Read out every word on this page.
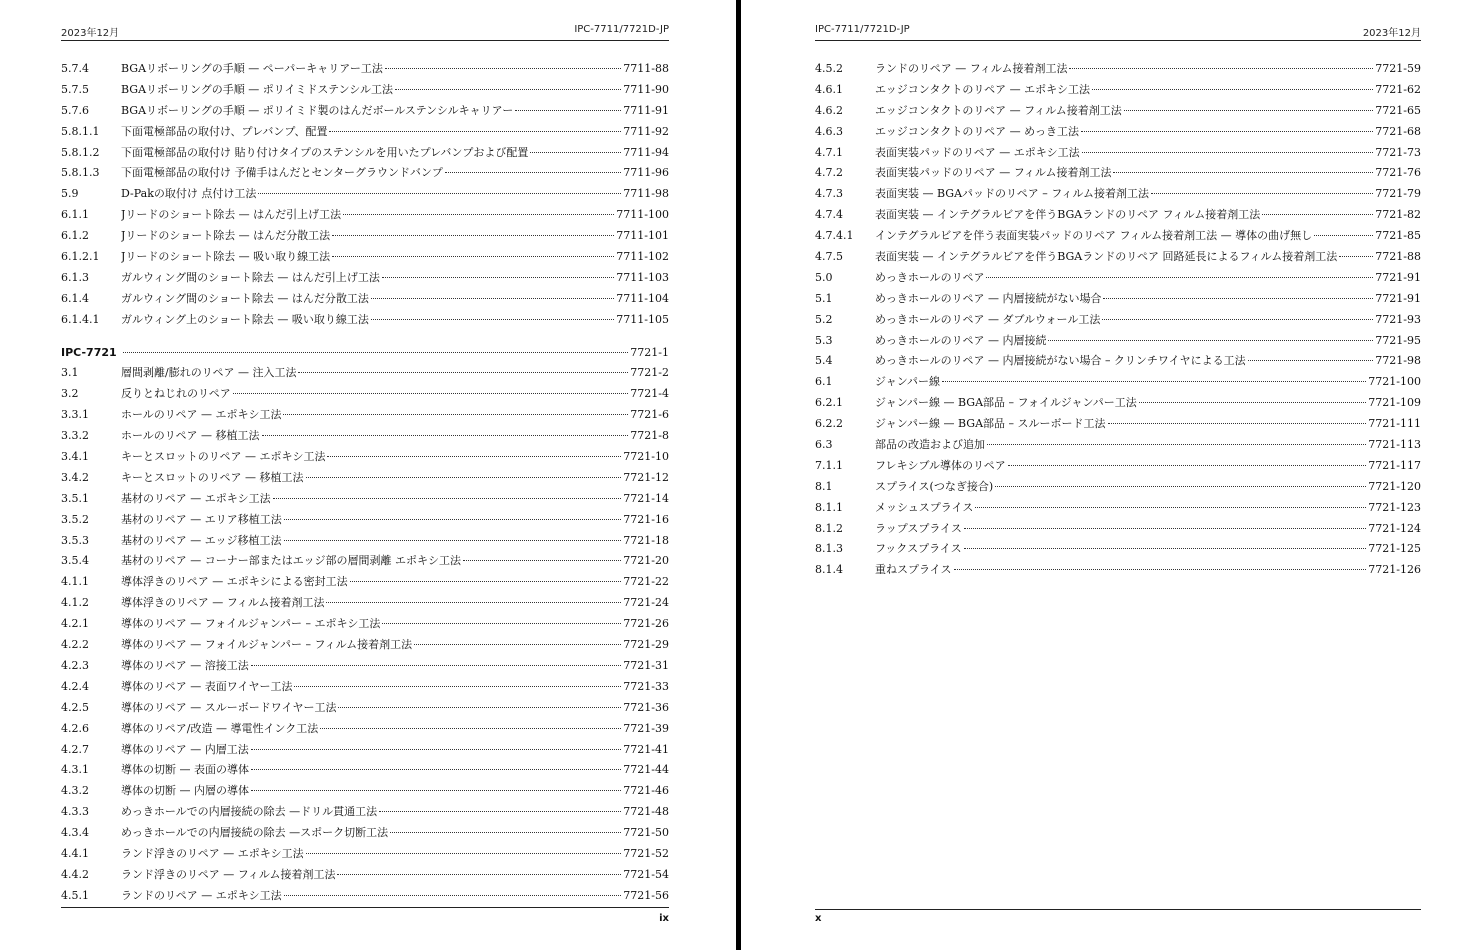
2023年12月	IPC-7711/7721D-JP
5.7.4	BGAリボーリングの手順 — ペーパーキャリアー工法	7711-88
5.7.5	BGAリボーリングの手順 — ポリイミドステンシル工法	7711-90
5.7.6	BGAリボーリングの手順 — ポリイミド製のはんだボールステンシルキャリアー	7711-91
5.8.1.1	下面電極部品の取付け、プレバンプ、配置	7711-92
5.8.1.2	下面電極部品の取付け 貼り付けタイプのステンシルを用いたプレバンプおよび配置	7711-94
5.8.1.3	下面電極部品の取付け 予備手はんだとセンターグラウンドバンプ	7711-96
5.9	D-Pakの取付け 点付け工法	7711-98
6.1.1	Jリードのショート除去 — はんだ引上げ工法	7711-100
6.1.2	Jリードのショート除去 — はんだ分散工法	7711-101
6.1.2.1	Jリードのショート除去 — 吸い取り線工法	7711-102
6.1.3	ガルウィング間のショート除去 — はんだ引上げ工法	7711-103
6.1.4	ガルウィング間のショート除去 — はんだ分散工法	7711-104
6.1.4.1	ガルウィング上のショート除去 — 吸い取り線工法	7711-105
IPC-7721	7721-1
3.1	層間剥離/膨れのリペア — 注入工法	7721-2
3.2	反りとねじれのリペア	7721-4
3.3.1	ホールのリペア — エポキシ工法	7721-6
3.3.2	ホールのリペア — 移植工法	7721-8
3.4.1	キーとスロットのリペア — エポキシ工法	7721-10
3.4.2	キーとスロットのリペア — 移植工法	7721-12
3.5.1	基材のリペア — エポキシ工法	7721-14
3.5.2	基材のリペア — エリア移植工法	7721-16
3.5.3	基材のリペア — エッジ移植工法	7721-18
3.5.4	基材のリペア — コーナー部またはエッジ部の層間剥離 エポキシ工法	7721-20
4.1.1	導体浮きのリペア — エポキシによる密封工法	7721-22
4.1.2	導体浮きのリペア — フィルム接着剤工法	7721-24
4.2.1	導体のリペア — フォイルジャンパー – エポキシ工法	7721-26
4.2.2	導体のリペア — フォイルジャンパー – フィルム接着剤工法	7721-29
4.2.3	導体のリペア — 溶接工法	7721-31
4.2.4	導体のリペア — 表面ワイヤー工法	7721-33
4.2.5	導体のリペア — スルーボードワイヤー工法	7721-36
4.2.6	導体のリペア/改造 — 導電性インク工法	7721-39
4.2.7	導体のリペア — 内層工法	7721-41
4.3.1	導体の切断 — 表面の導体	7721-44
4.3.2	導体の切断 — 内層の導体	7721-46
4.3.3	めっきホールでの内層接続の除去 —ドリル貫通工法	7721-48
4.3.4	めっきホールでの内層接続の除去 —スポーク切断工法	7721-50
4.4.1	ランド浮きのリペア — エポキシ工法	7721-52
4.4.2	ランド浮きのリペア — フィルム接着剤工法	7721-54
4.5.1	ランドのリペア — エポキシ工法	7721-56
ix
IPC-7711/7721D-JP	2023年12月
4.5.2	ランドのリペア — フィルム接着剤工法	7721-59
4.6.1	エッジコンタクトのリペア — エポキシ工法	7721-62
4.6.2	エッジコンタクトのリペア — フィルム接着剤工法	7721-65
4.6.3	エッジコンタクトのリペア — めっき工法	7721-68
4.7.1	表面実装パッドのリペア — エポキシ工法	7721-73
4.7.2	表面実装パッドのリペア — フィルム接着剤工法	7721-76
4.7.3	表面実装 — BGAパッドのリペア – フィルム接着剤工法	7721-79
4.7.4	表面実装 — インテグラルビアを伴うBGAランドのリペア フィルム接着剤工法	7721-82
4.7.4.1	インテグラルビアを伴う表面実装パッドのリペア フィルム接着剤工法 — 導体の曲げ無し	7721-85
4.7.5	表面実装 — インテグラルビアを伴うBGAランドのリペア 回路延長によるフィルム接着剤工法	7721-88
5.0	めっきホールのリペア	7721-91
5.1	めっきホールのリペア — 内層接続がない場合	7721-91
5.2	めっきホールのリペア — ダブルウォール工法	7721-93
5.3	めっきホールのリペア — 内層接続	7721-95
5.4	めっきホールのリペア — 内層接続がない場合 – クリンチワイヤによる工法	7721-98
6.1	ジャンパー線	7721-100
6.2.1	ジャンパー線 — BGA部品 – フォイルジャンパー工法	7721-109
6.2.2	ジャンパー線 — BGA部品 – スルーボード工法	7721-111
6.3	部品の改造および追加	7721-113
7.1.1	フレキシブル導体のリペア	7721-117
8.1	スプライス(つなぎ接合)	7721-120
8.1.1	メッシュスプライス	7721-123
8.1.2	ラップスプライス	7721-124
8.1.3	フックスプライス	7721-125
8.1.4	重ねスプライス	7721-126
x
